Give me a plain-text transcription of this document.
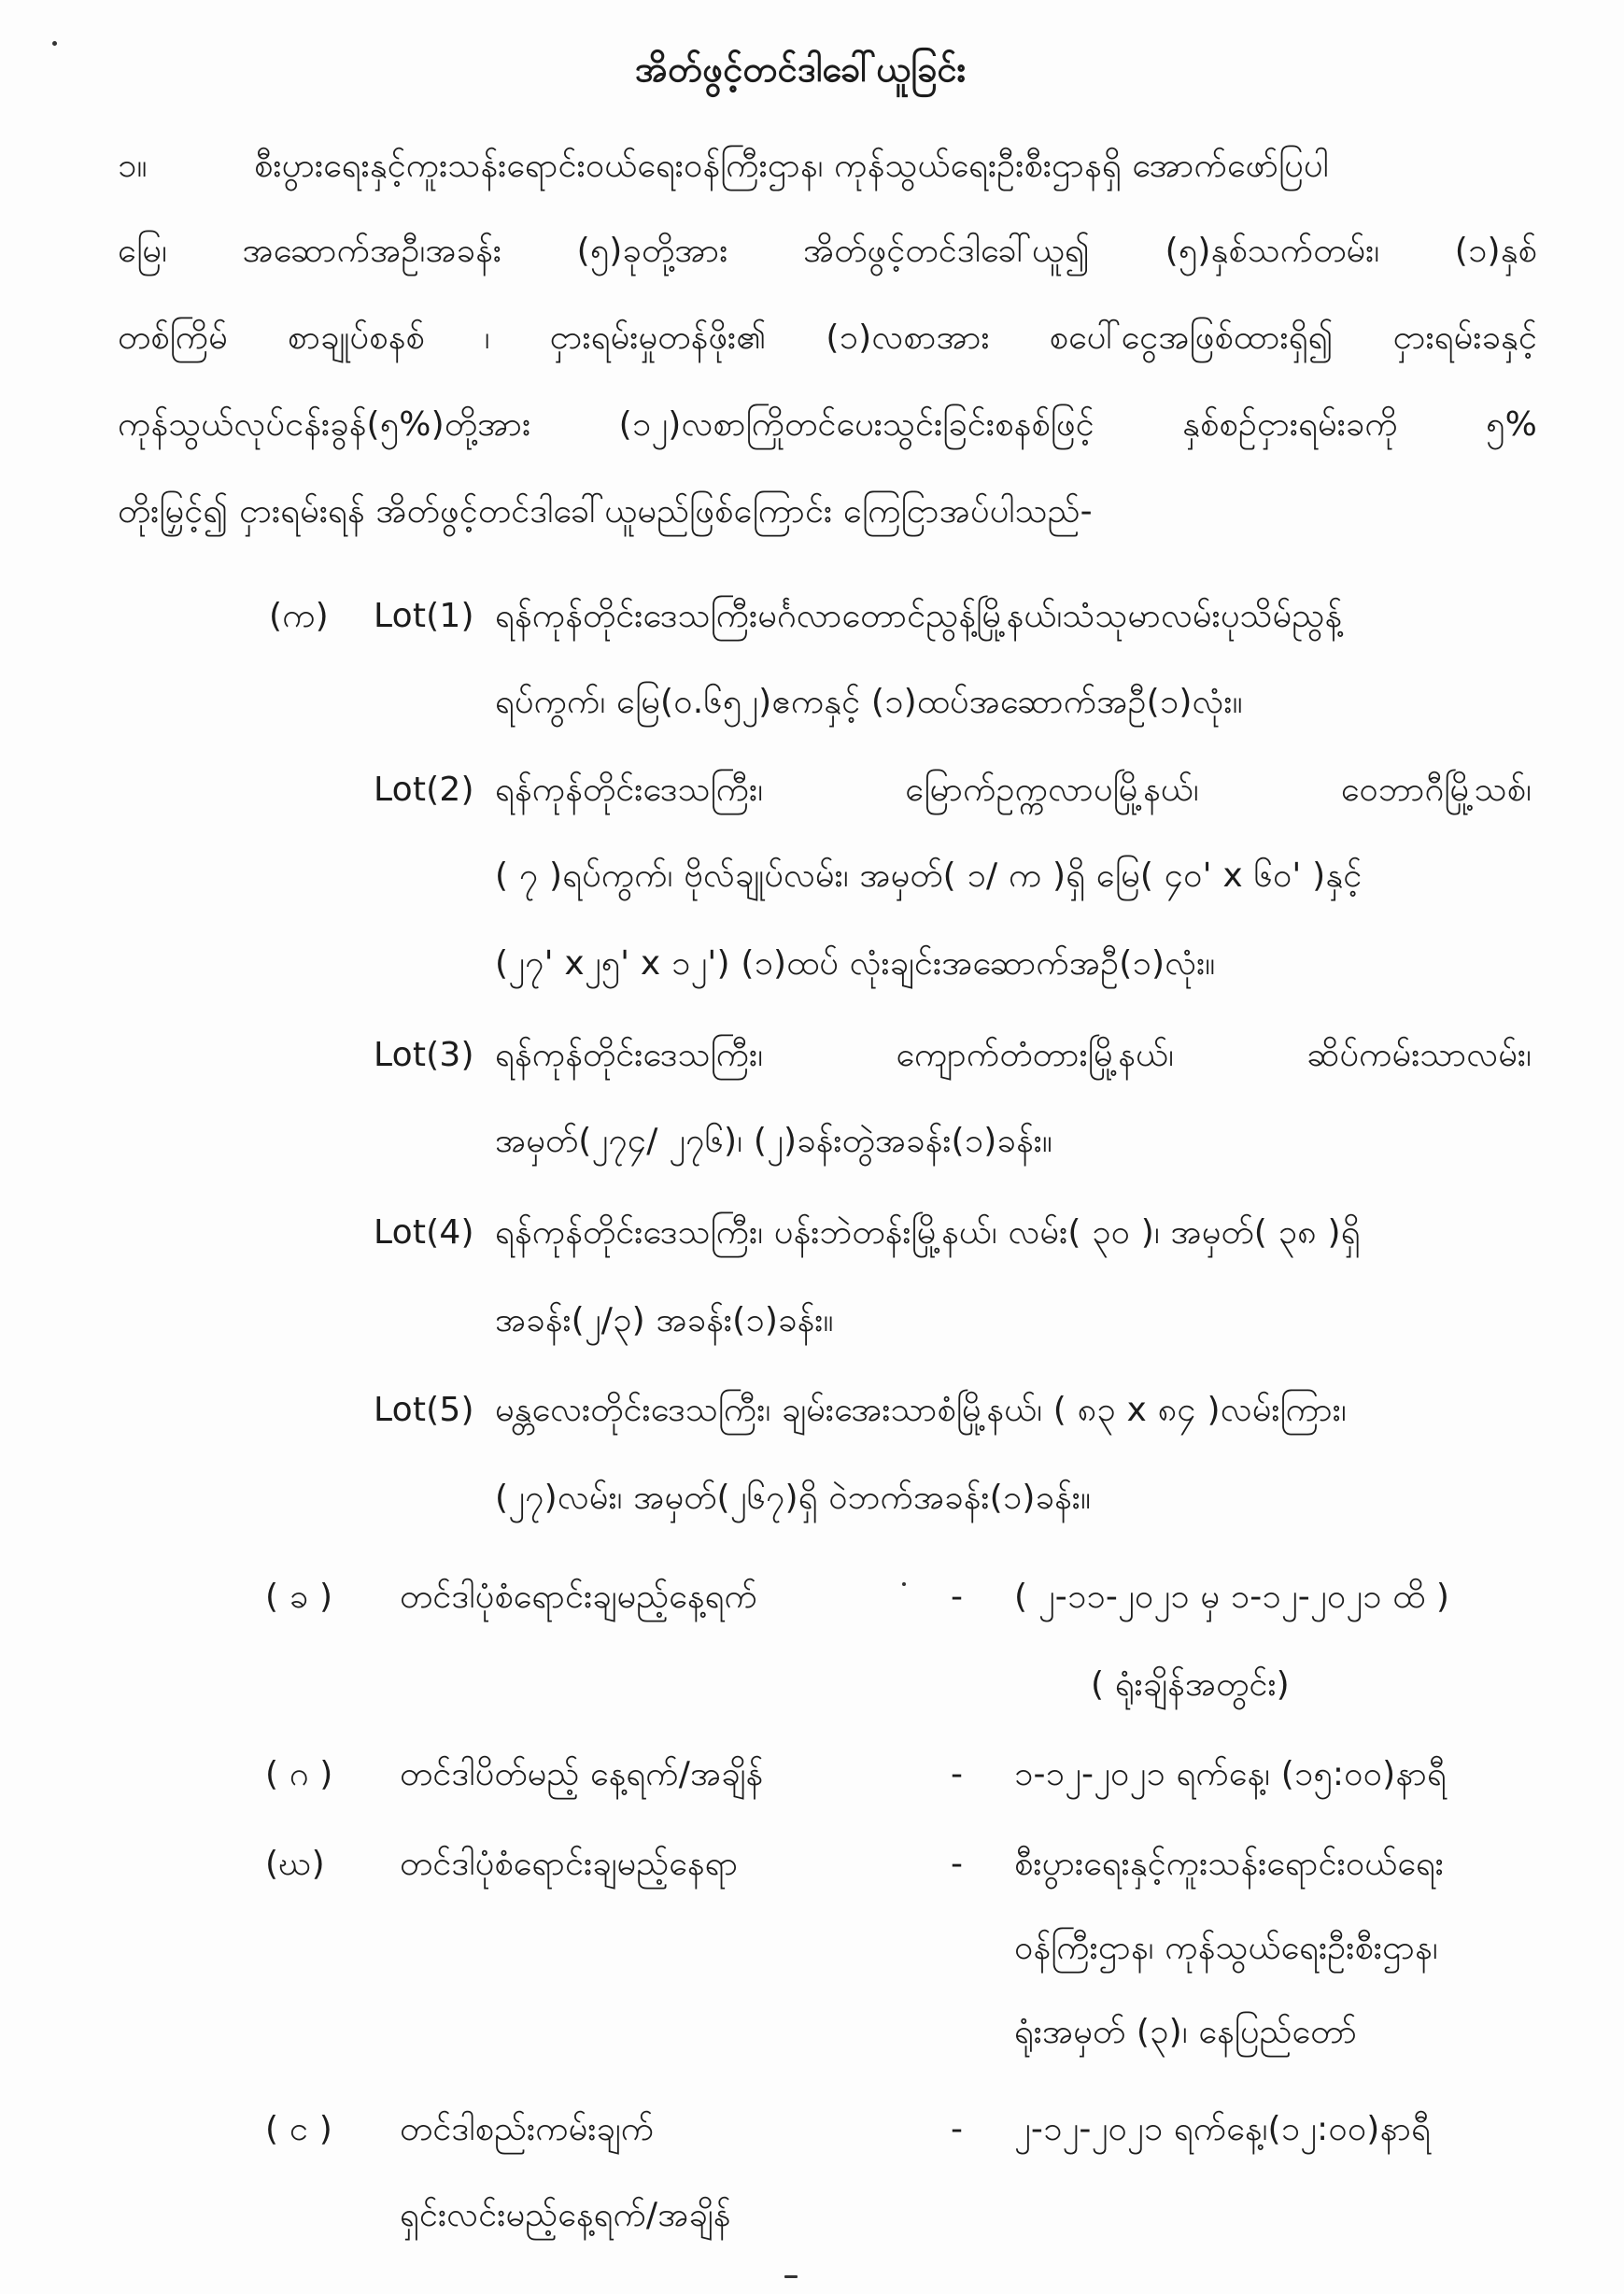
အိတ်ဖွင့်တင်ဒါခေါ်ယူခြင်း
၁။	စီးပွားရေးနှင့်ကူးသန်းရောင်းဝယ်ရေးဝန်ကြီးဌာန၊ ကုန်သွယ်ရေးဦးစီးဌာနရှိ အောက်ဖော်ပြပါ
မြေ၊ အဆောက်အဦ၊အခန်း (၅)ခုတို့အား အိတ်ဖွင့်တင်ဒါခေါ်ယူ၍ (၅)နှစ်သက်တမ်း၊ (၁)နှစ်
တစ်ကြိမ် စာချုပ်စနစ် ၊ ငှားရမ်းမှုတန်ဖိုး၏ (၁)လစာအား စပေါ်ငွေအဖြစ်ထားရှိ၍ ငှားရမ်းခနှင့်
ကုန်သွယ်လုပ်ငန်းခွန်(၅%)တို့အား (၁၂)လစာကြိုတင်ပေးသွင်းခြင်းစနစ်ဖြင့် နှစ်စဉ်ငှားရမ်းခကို ၅%
တိုးမြှင့်၍ ငှားရမ်းရန် အိတ်ဖွင့်တင်ဒါခေါ်ယူမည်ဖြစ်ကြောင်း ကြေငြာအပ်ပါသည်-
(က) Lot(1) ရန်ကုန်တိုင်းဒေသကြီးမင်္ဂလာတောင်ညွန့်မြို့နယ်၊သံသုမာလမ်းပုသိမ်ညွန့်
ရပ်ကွက်၊ မြေ(၀.၆၅၂)ဧကနှင့် (၁)ထပ်အဆောက်အဦ(၁)လုံး။
Lot(2) ရန်ကုန်တိုင်းဒေသကြီး၊ မြောက်ဥက္ကလာပမြို့နယ်၊ ဝေဘာဂီမြို့သစ်၊
( ၇ )ရပ်ကွက်၊ ဗိုလ်ချုပ်လမ်း၊ အမှတ်( ၁/ က )ရှိ မြေ( ၄၀' x ၆၀' )နှင့်
(၂၇' x၂၅' x ၁၂') (၁)ထပ် လုံးချင်းအဆောက်အဦ(၁)လုံး။
Lot(3) ရန်ကုန်တိုင်းဒေသကြီး၊ ကျောက်တံတားမြို့နယ်၊ ဆိပ်ကမ်းသာလမ်း၊
အမှတ်(၂၇၄/ ၂၇၆)၊ (၂)ခန်းတွဲအခန်း(၁)ခန်း။
Lot(4) ရန်ကုန်တိုင်းဒေသကြီး၊ ပန်းဘဲတန်းမြို့နယ်၊ လမ်း( ၃၀ )၊ အမှတ်( ၃၈ )ရှိ
အခန်း(၂/၃) အခန်း(၁)ခန်း။
Lot(5) မန္တလေးတိုင်းဒေသကြီး၊ ချမ်းအေးသာစံမြို့နယ်၊ ( ၈၃ x ၈၄ )လမ်းကြား၊
(၂၇)လမ်း၊ အမှတ်(၂၆၇)ရှိ ဝဲဘက်အခန်း(၁)ခန်း။
( ခ ) တင်ဒါပုံစံရောင်းချမည့်နေ့ရက်	- ( ၂-၁၁-၂၀၂၁ မှ ၁-၁၂-၂၀၂၁ ထိ )
( ရုံးချိန်အတွင်း)
( ဂ ) တင်ဒါပိတ်မည့် နေ့ရက်/အချိန်	- ၁-၁၂-၂၀၂၁ ရက်နေ့၊ (၁၅:၀၀)နာရီ
(ဃ) တင်ဒါပုံစံရောင်းချမည့်နေရာ	- စီးပွားရေးနှင့်ကူးသန်းရောင်းဝယ်ရေး
ဝန်ကြီးဌာန၊ ကုန်သွယ်ရေးဦးစီးဌာန၊
ရုံးအမှတ် (၃)၊ နေပြည်တော်
( င ) တင်ဒါစည်းကမ်းချက်
ရှင်းလင်းမည့်နေ့ရက်/အချိန်
- ၂-၁၂-၂၀၂၁ ရက်နေ့၊(၁၂:၀၀)နာရီ
